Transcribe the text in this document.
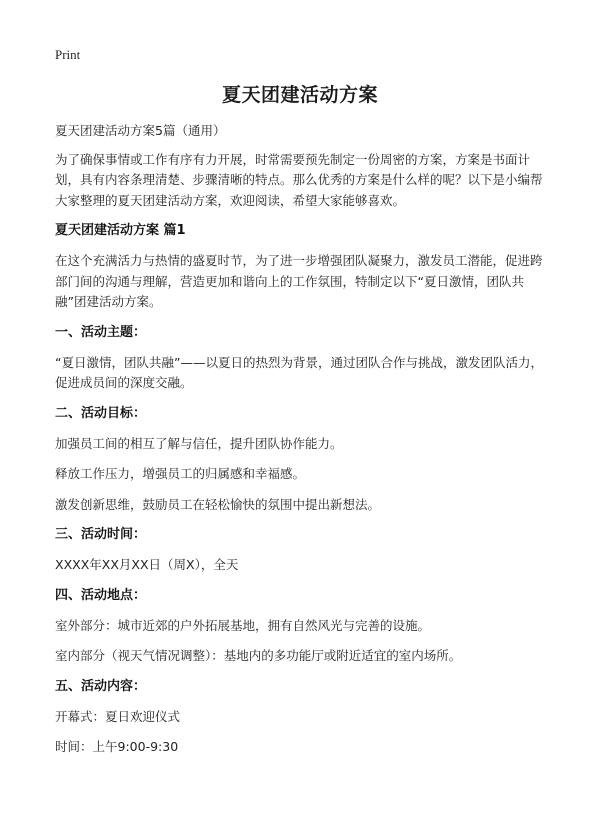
Print
夏天团建活动方案

夏天团建活动方案5篇（通用）

为了确保事情或工作有序有力开展，时常需要预先制定一份周密的方案，方案是书面计划，具有内容条理清楚、步骤清晰的特点。那么优秀的方案是什么样的呢？以下是小编帮大家整理的夏天团建活动方案，欢迎阅读，希望大家能够喜欢。

夏天团建活动方案 篇1

在这个充满活力与热情的盛夏时节，为了进一步增强团队凝聚力，激发员工潜能，促进跨部门间的沟通与理解，营造更加和谐向上的工作氛围，特制定以下“夏日激情，团队共融”团建活动方案。

一、活动主题：

“夏日激情，团队共融”——以夏日的热烈为背景，通过团队合作与挑战，激发团队活力，促进成员间的深度交融。

二、活动目标：

加强员工间的相互了解与信任，提升团队协作能力。

释放工作压力，增强员工的归属感和幸福感。

激发创新思维，鼓励员工在轻松愉快的氛围中提出新想法。

三、活动时间：

XXXX年XX月XX日（周X），全天

四、活动地点：

室外部分：城市近郊的户外拓展基地，拥有自然风光与完善的设施。

室内部分（视天气情况调整）：基地内的多功能厅或附近适宜的室内场所。

五、活动内容：

开幕式：夏日欢迎仪式

时间：上午9:00-9:30
